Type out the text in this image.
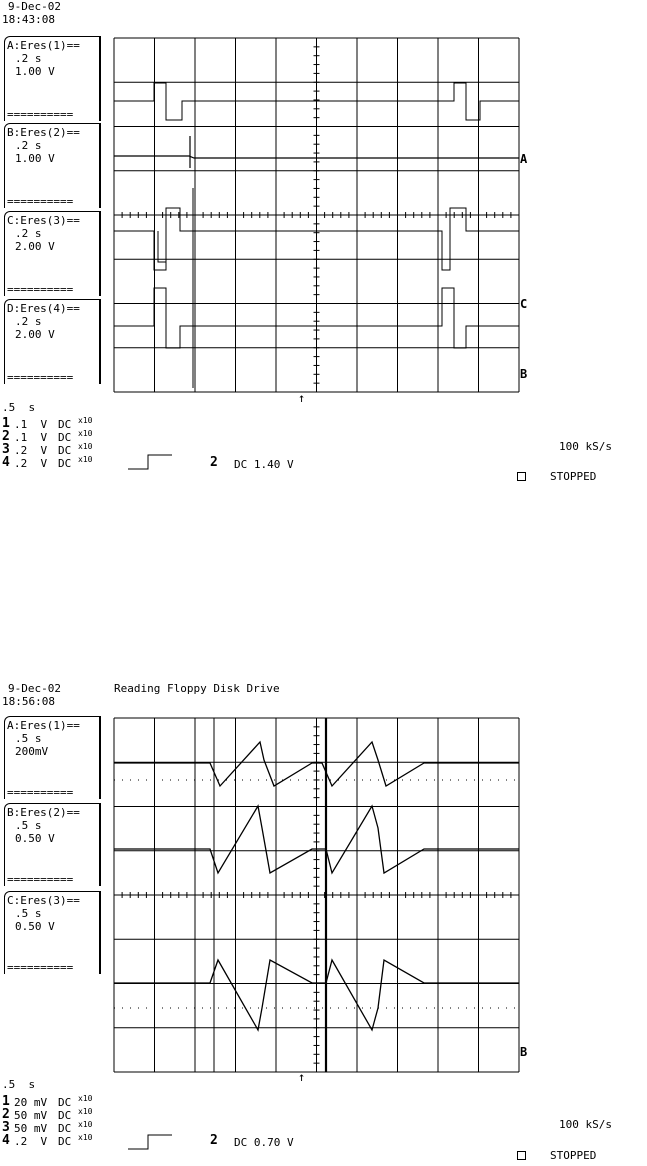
9-Dec-02
18:43:08
A:Eres(1)==
.2 s
1.00 V
==========
B:Eres(2)==
.2 s
1.00 V
==========
C:Eres(3)==
.2 s
2.00 V
==========
D:Eres(4)==
.2 s
2.00 V
==========
A
C
B
↑
.5  s
1 .1  V DC x10
2 .1  V DC x10
3 .2  V DC x10
4 .2  V DC x10	2 DC 1.40 V
100 kS/s
STOPPED
9-Dec-02	Reading Floppy Disk Drive
18:56:08
A:Eres(1)==
.5 s
200mV
==========
B:Eres(2)==
.5 s
0.50 V
==========
C:Eres(3)==
.5 s
0.50 V
==========
B
↑
.5  s
1 20 mV DC x10
2 50 mV DC x10
3 50 mV DC x10
4 .2  V DC x10	2 DC 0.70 V
100 kS/s
STOPPED
